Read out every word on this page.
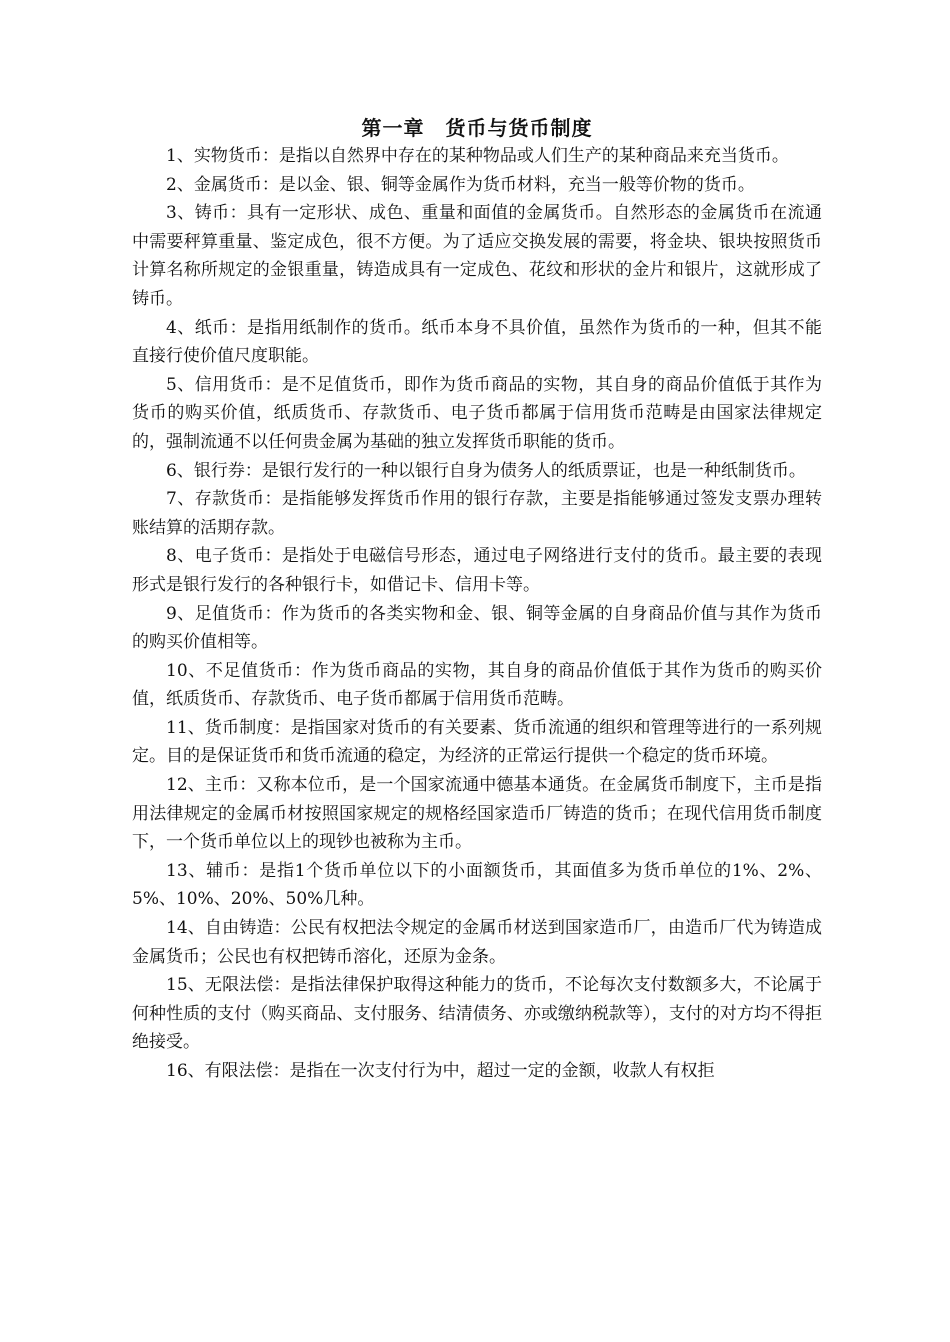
第一章　货币与货币制度

1、实物货币：是指以自然界中存在的某种物品或人们生产的某种商品来充当货币。

2、金属货币：是以金、银、铜等金属作为货币材料，充当一般等价物的货币。

3、铸币：具有一定形状、成色、重量和面值的金属货币。自然形态的金属货币在流通中需要秤算重量、鉴定成色，很不方便。为了适应交换发展的需要，将金块、银块按照货币计算名称所规定的金银重量，铸造成具有一定成色、花纹和形状的金片和银片，这就形成了铸币。

4、纸币：是指用纸制作的货币。纸币本身不具价值，虽然作为货币的一种，但其不能直接行使价值尺度职能。

5、信用货币：是不足值货币，即作为货币商品的实物，其自身的商品价值低于其作为货币的购买价值，纸质货币、存款货币、电子货币都属于信用货币范畴是由国家法律规定的，强制流通不以任何贵金属为基础的独立发挥货币职能的货币。

6、银行券：是银行发行的一种以银行自身为债务人的纸质票证，也是一种纸制货币。

7、存款货币：是指能够发挥货币作用的银行存款，主要是指能够通过签发支票办理转账结算的活期存款。

8、电子货币：是指处于电磁信号形态，通过电子网络进行支付的货币。最主要的表现形式是银行发行的各种银行卡，如借记卡、信用卡等。

9、足值货币：作为货币的各类实物和金、银、铜等金属的自身商品价值与其作为货币的购买价值相等。

10、不足值货币：作为货币商品的实物，其自身的商品价值低于其作为货币的购买价值，纸质货币、存款货币、电子货币都属于信用货币范畴。

11、货币制度：是指国家对货币的有关要素、货币流通的组织和管理等进行的一系列规定。目的是保证货币和货币流通的稳定，为经济的正常运行提供一个稳定的货币环境。

12、主币：又称本位币，是一个国家流通中德基本通货。在金属货币制度下，主币是指用法律规定的金属币材按照国家规定的规格经国家造币厂铸造的货币；在现代信用货币制度下，一个货币单位以上的现钞也被称为主币。

13、辅币：是指1个货币单位以下的小面额货币，其面值多为货币单位的1%、2%、5%、10%、20%、50%几种。

14、自由铸造：公民有权把法令规定的金属币材送到国家造币厂，由造币厂代为铸造成金属货币；公民也有权把铸币溶化，还原为金条。

15、无限法偿：是指法律保护取得这种能力的货币，不论每次支付数额多大，不论属于何种性质的支付（购买商品、支付服务、结清债务、亦或缴纳税款等），支付的对方均不得拒绝接受。

16、有限法偿：是指在一次支付行为中，超过一定的金额，收款人有权拒
